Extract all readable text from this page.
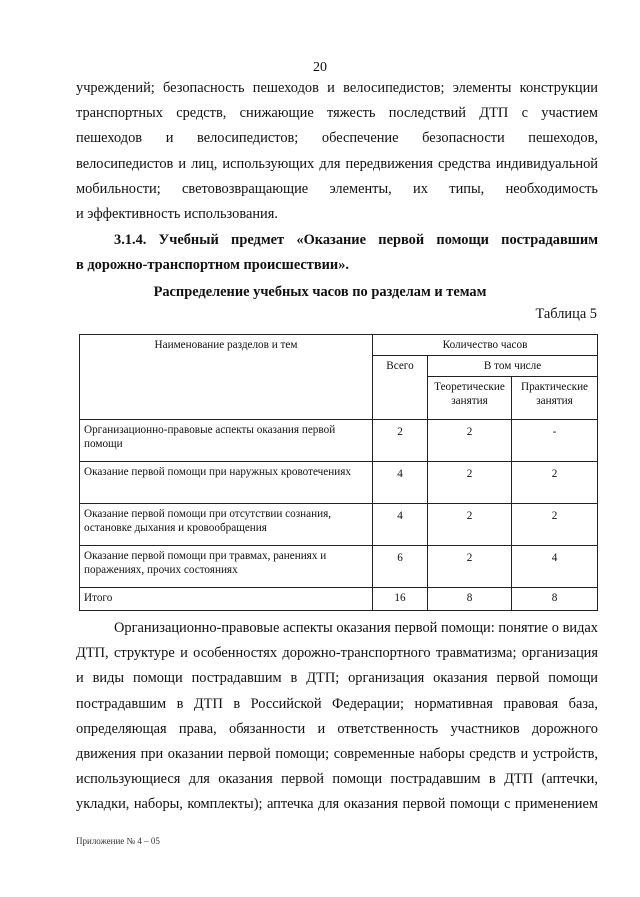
20
учреждений; безопасность пешеходов и велосипедистов; элементы конструкции
транспортных средств, снижающие тяжесть последствий ДТП с участием
пешеходов и велосипедистов; обеспечение безопасности пешеходов,
велосипедистов и лиц, использующих для передвижения средства индивидуальной
мобильности; световозвращающие элементы, их типы, необходимость
и эффективность использования.
3.1.4. Учебный предмет «Оказание первой помощи пострадавшим
в дорожно-транспортном происшествии».
Распределение учебных часов по разделам и темам
Таблица 5
Наименование разделов и тем	Количество часов		
	Всего	В том числе	
		Теоретические занятия	Практические занятия
Организационно-правовые аспекты оказания первой помощи	2	2	-
Оказание первой помощи при наружных кровотечениях	4	2	2
Оказание первой помощи при отсутствии сознания, остановке дыхания и кровообращения	4	2	2
Оказание первой помощи при травмах, ранениях и поражениях, прочих состояниях	6	2	4
Итого	16	8	8
Организационно-правовые аспекты оказания первой помощи: понятие о видах
ДТП, структуре и особенностях дорожно-транспортного травматизма; организация
и виды помощи пострадавшим в ДТП; организация оказания первой помощи
пострадавшим в ДТП в Российской Федерации; нормативная правовая база,
определяющая права, обязанности и ответственность участников дорожного
движения при оказании первой помощи; современные наборы средств и устройств,
использующиеся для оказания первой помощи пострадавшим в ДТП (аптечки,
укладки, наборы, комплекты); аптечка для оказания первой помощи с применением
Приложение № 4 – 05
